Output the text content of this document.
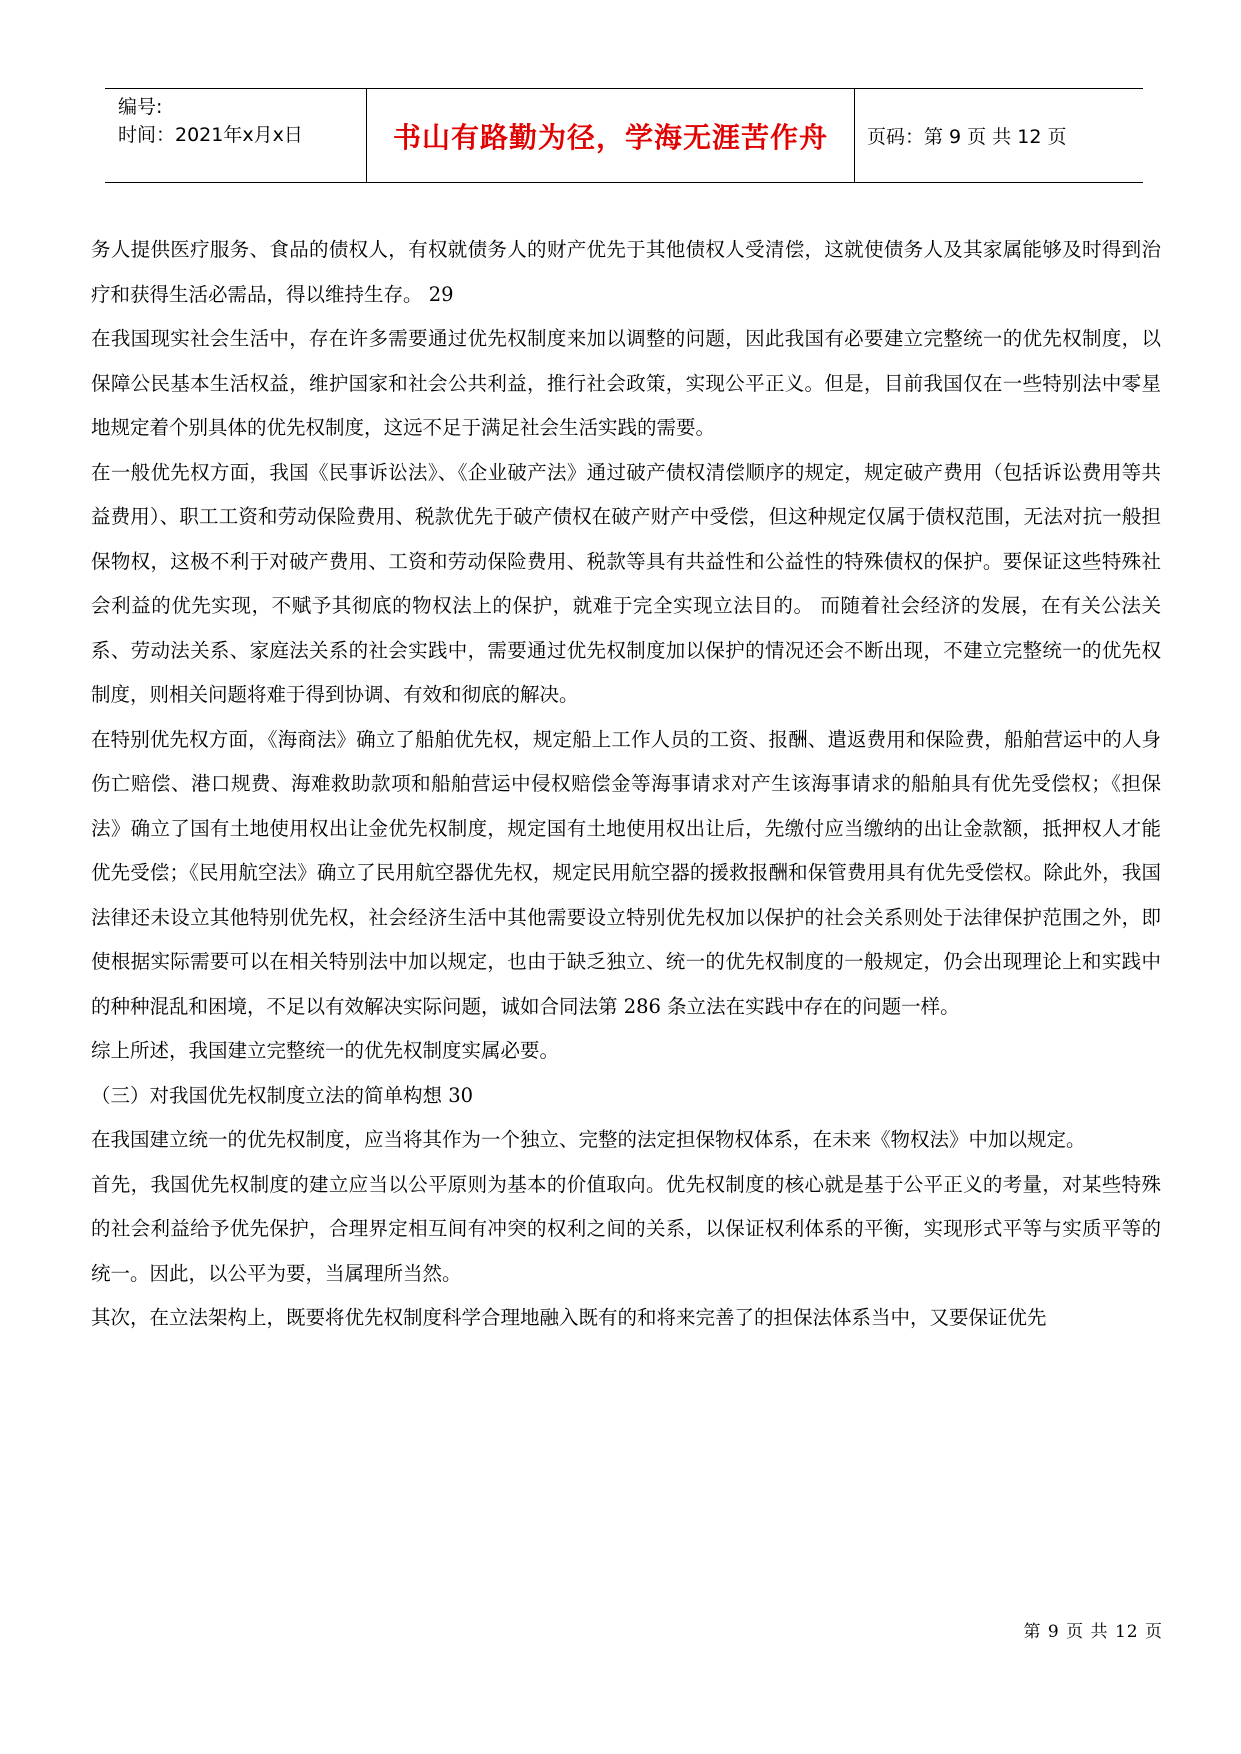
编号:
时间：2021年x月x日	书山有路勤为径，学海无涯苦作舟	页码：第 9 页 共 12 页

务人提供医疗服务、食品的债权人，有权就债务人的财产优先于其他债权人受清偿，这就使债务人及其家属能够及时得到治疗和获得生活必需品，得以维持生存。 29

在我国现实社会生活中，存在许多需要通过优先权制度来加以调整的问题，因此我国有必要建立完整统一的优先权制度，以保障公民基本生活权益，维护国家和社会公共利益，推行社会政策，实现公平正义。但是，目前我国仅在一些特别法中零星地规定着个别具体的优先权制度，这远不足于满足社会生活实践的需要。

在一般优先权方面，我国《民事诉讼法》、《企业破产法》通过破产债权清偿顺序的规定，规定破产费用（包括诉讼费用等共益费用）、职工工资和劳动保险费用、税款优先于破产债权在破产财产中受偿，但这种规定仅属于债权范围，无法对抗一般担保物权，这极不利于对破产费用、工资和劳动保险费用、税款等具有共益性和公益性的特殊债权的保护。要保证这些特殊社会利益的优先实现，不赋予其彻底的物权法上的保护，就难于完全实现立法目的。 而随着社会经济的发展，在有关公法关系、劳动法关系、家庭法关系的社会实践中，需要通过优先权制度加以保护的情况还会不断出现，不建立完整统一的优先权制度，则相关问题将难于得到协调、有效和彻底的解决。

在特别优先权方面，《海商法》确立了船舶优先权，规定船上工作人员的工资、报酬、遣返费用和保险费，船舶营运中的人身伤亡赔偿、港口规费、海难救助款项和船舶营运中侵权赔偿金等海事请求对产生该海事请求的船舶具有优先受偿权；《担保法》确立了国有土地使用权出让金优先权制度，规定国有土地使用权出让后，先缴付应当缴纳的出让金款额，抵押权人才能优先受偿；《民用航空法》确立了民用航空器优先权，规定民用航空器的援救报酬和保管费用具有优先受偿权。除此外，我国法律还未设立其他特别优先权，社会经济生活中其他需要设立特别优先权加以保护的社会关系则处于法律保护范围之外，即使根据实际需要可以在相关特别法中加以规定，也由于缺乏独立、统一的优先权制度的一般规定，仍会出现理论上和实践中的种种混乱和困境，不足以有效解决实际问题，诚如合同法第 286 条立法在实践中存在的问题一样。

综上所述，我国建立完整统一的优先权制度实属必要。

（三）对我国优先权制度立法的简单构想 30

在我国建立统一的优先权制度，应当将其作为一个独立、完整的法定担保物权体系，在未来《物权法》中加以规定。

首先，我国优先权制度的建立应当以公平原则为基本的价值取向。优先权制度的核心就是基于公平正义的考量，对某些特殊的社会利益给予优先保护，合理界定相互间有冲突的权利之间的关系，以保证权利体系的平衡，实现形式平等与实质平等的统一。因此，以公平为要，当属理所当然。

其次，在立法架构上，既要将优先权制度科学合理地融入既有的和将来完善了的担保法体系当中，又要保证优先

第 9 页 共 12 页
